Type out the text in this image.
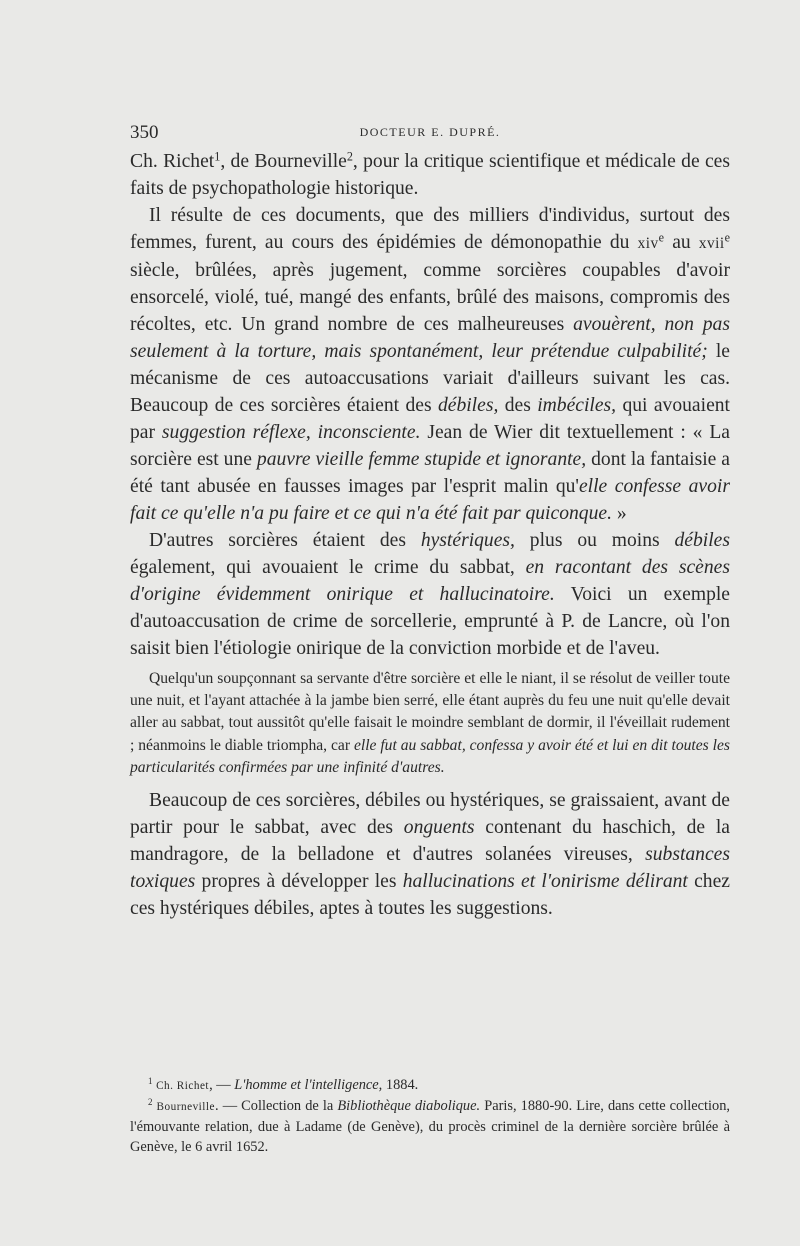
350	DOCTEUR E. DUPRÉ.

Ch. Richet$^1$, de Bourneville$^2$, pour la critique scientifique et médicale de ces faits de psychopathologie historique.

Il résulte de ces documents, que des milliers d'individus, surtout des femmes, furent, au cours des épidémies de démonopathie du xiv$^e$ au xvii$^e$ siècle, brûlées, après jugement, comme sorcières coupables d'avoir ensorcelé, violé, tué, mangé des enfants, brûlé des maisons, compromis des récoltes, etc. Un grand nombre de ces malheureuses avouèrent, non pas seulement à la torture, mais spontanément, leur prétendue culpabilité; le mécanisme de ces autoaccusations variait d'ailleurs suivant les cas. Beaucoup de ces sorcières étaient des débiles, des imbéciles, qui avouaient par suggestion réflexe, inconsciente. Jean de Wier dit textuellement : « La sorcière est une pauvre vieille femme stupide et ignorante, dont la fantaisie a été tant abusée en fausses images par l'esprit malin qu'elle confesse avoir fait ce qu'elle n'a pu faire et ce qui n'a été fait par quiconque. »

D'autres sorcières étaient des hystériques, plus ou moins débiles également, qui avouaient le crime du sabbat, en racontant des scènes d'origine évidemment onirique et hallucinatoire. Voici un exemple d'autoaccusation de crime de sorcellerie, emprunté à P. de Lancre, où l'on saisit bien l'étiologie onirique de la conviction morbide et de l'aveu.

Quelqu'un soupçonnant sa servante d'être sorcière et elle le niant, il se résolut de veiller toute une nuit, et l'ayant attachée à la jambe bien serré, elle étant auprès du feu une nuit qu'elle devait aller au sabbat, tout aussitôt qu'elle faisait le moindre semblant de dormir, il l'éveillait rudement ; néanmoins le diable triompha, car elle fut au sabbat, confessa y avoir été et lui en dit toutes les particularités confirmées par une infinité d'autres.

Beaucoup de ces sorcières, débiles ou hystériques, se graissaient, avant de partir pour le sabbat, avec des onguents contenant du haschich, de la mandragore, de la belladone et d'autres solanées vireuses, substances toxiques propres à développer les hallucinations et l'onirisme délirant chez ces hystériques débiles, aptes à toutes les suggestions.

$^1$ Ch. Richet, — L'homme et l'intelligence, 1884.

$^2$ Bourneville. — Collection de la Bibliothèque diabolique. Paris, 1880-90. Lire, dans cette collection, l'émouvante relation, due à Ladame (de Genève), du procès criminel de la dernière sorcière brûlée à Genève, le 6 avril 1652.
